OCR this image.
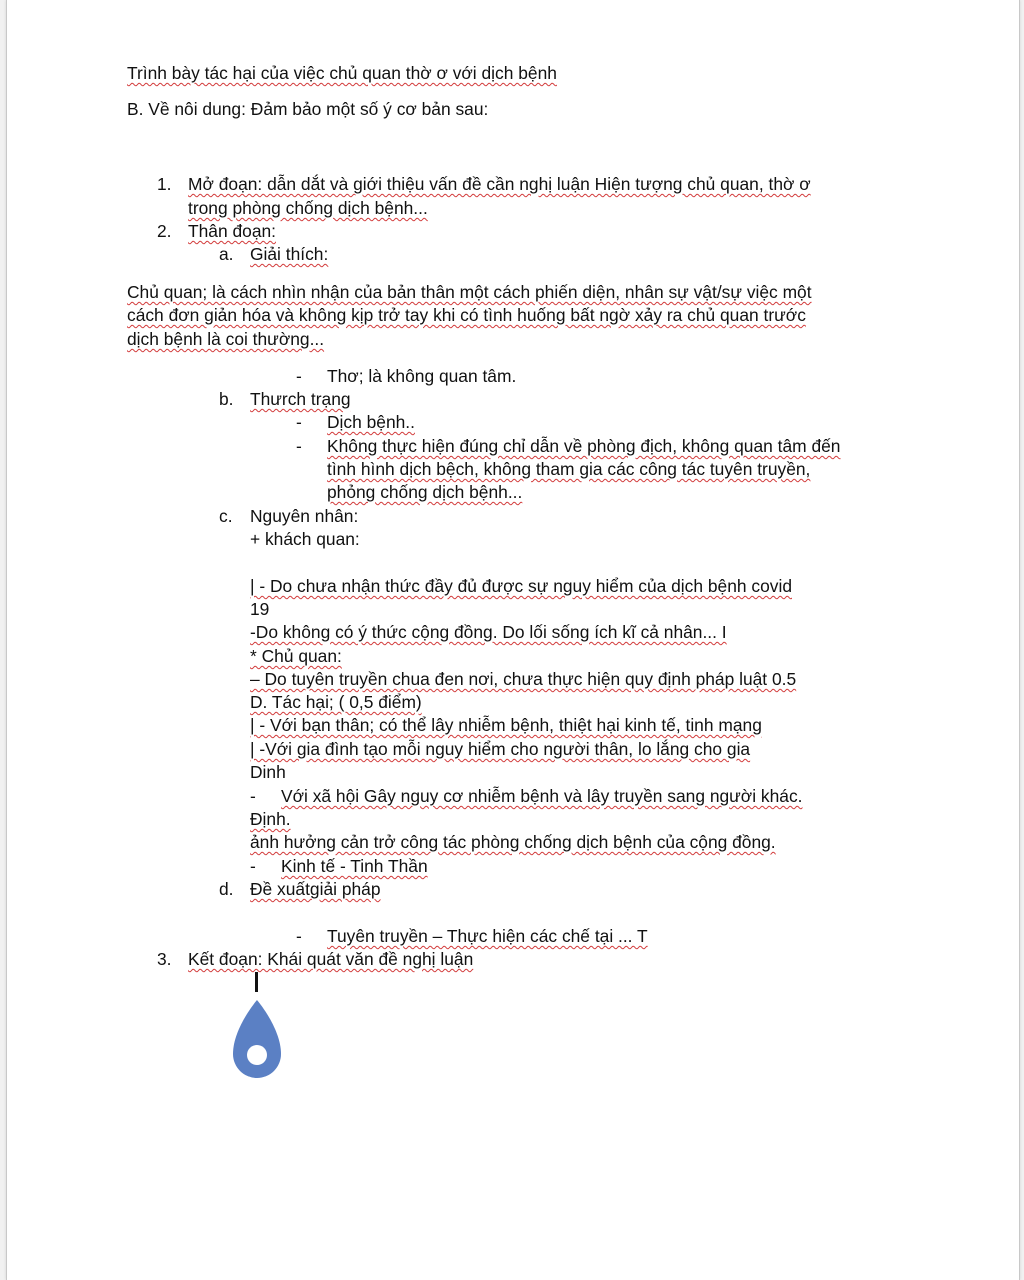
Trình bày tác hại của việc chủ quan thờ ơ với dịch bệnh
B. Về nôi dung: Đảm bảo một số ý cơ bản sau:
1. Mở đoạn: dẫn dắt và giới thiệu vấn đề cần nghị luận Hiện tượng chủ quan, thờ ơ
trong phòng chống dịch bệnh...
2. Thân đoạn:
a. Giải thích:
Chủ quan; là cách nhìn nhận của bản thân một cách phiến diện, nhân sự vật/sự việc một
cách đơn giản hóa và không kịp trở tay khi có tình huống bất ngờ xảy ra chủ quan trước
dịch bệnh là coi thường...
- Thơ; là không quan tâm.
b. Thưrch trạng
- Dịch bệnh..
- Không thực hiện đúng chỉ dẫn về phòng địch, không quan tâm đến
tình hình dịch bệch, không tham gia các công tác tuyên truyền,
phỏng chống dịch bệnh...
c. Nguyên nhân:
+ khách quan:
| - Do chưa nhận thức đầy đủ được sự nguy hiểm của dịch bệnh covid
19
-Do không có ý thức cộng đồng. Do lối sống ích kĩ cả nhân... I
* Chủ quan:
– Do tuyên truyền chua đen nơi, chưa thực hiện quy định pháp luật 0.5
D. Tác hại; ( 0,5 điểm)
| - Với bạn thân; có thể lây nhiễm bệnh, thiệt hại kinh tế, tinh mạng
| -Với gia đình tạo mỗi nguy hiểm cho người thân, lo lắng cho gia
Dinh
- Với xã hội Gây nguy cơ nhiễm bệnh và lây truyền sang người khác.
Định.
ảnh hưởng cản trở công tác phòng chống dịch bệnh của cộng đồng.
- Kinh tế - Tinh Thần
d. Đề xuấtgiải pháp
- Tuyên truyền – Thực hiện các chế tại ... T
3. Kết đoạn: Khái quát văn đề nghị luận
